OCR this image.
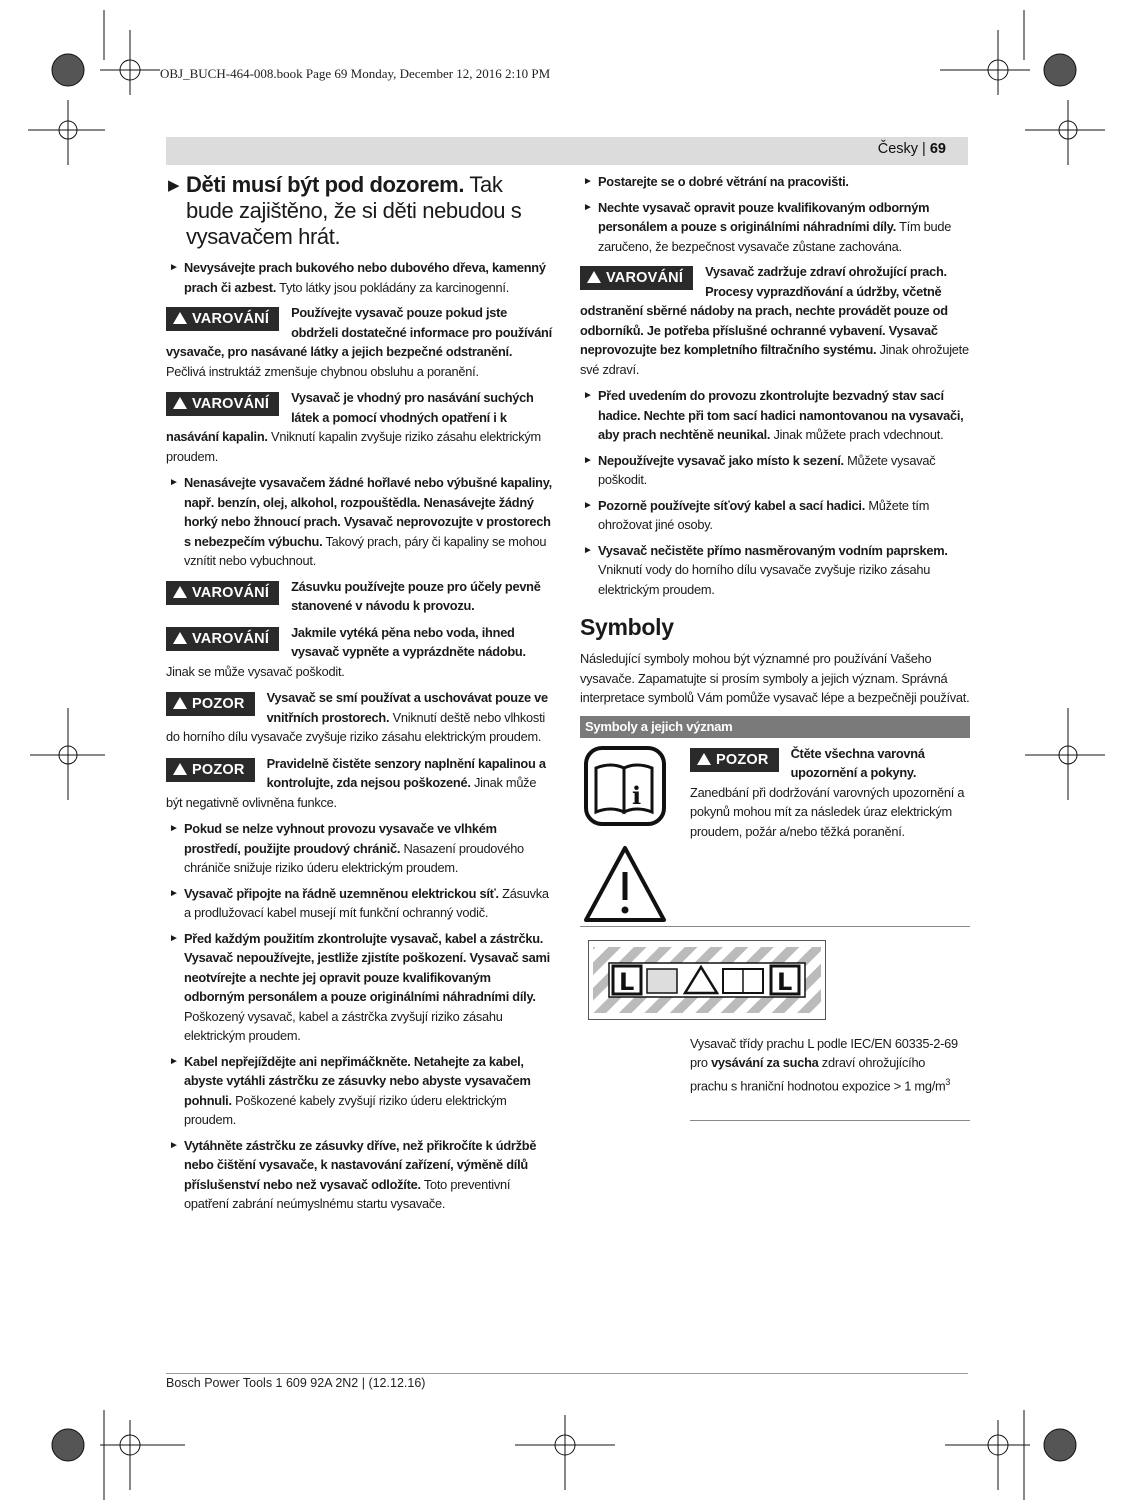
OBJ_BUCH-464-008.book Page 69 Monday, December 12, 2016 2:10 PM
Česky | 69
▶ Děti musí být pod dozorem. Tak bude zajištěno, že si děti nebudou s vysavačem hrát.
► Nevysávejte prach bukového nebo dubového dřeva, kamenný prach či azbest. Tyto látky jsou pokládány za karcinogenní.
VAROVÁNÍ	Používejte vysavač pouze pokud jste obdrželi dostatečné informace pro používání vysavače, pro nasávané látky a jejich bezpečné odstranění. Pečlivá instruktáž zmenšuje chybnou obsluhu a poranění.
VAROVÁNÍ	Vysavač je vhodný pro nasávání suchých látek a pomocí vhodných opatření i k nasávání kapalin. Vniknutí kapalin zvyšuje riziko zásahu elektrickým proudem.
► Nenasávejte vysavačem žádné hořlavé nebo výbušné kapaliny, např. benzín, olej, alkohol, rozpouštědla. Nenasávejte žádný horký nebo žhnoucí prach. Vysavač neprovozujte v prostorech s nebezpečím výbuchu. Takový prach, páry či kapaliny se mohou vznítit nebo vybuchnout.
VAROVÁNÍ	Zásuvku používejte pouze pro účely pevně stanovené v návodu k provozu.
VAROVÁNÍ	Jakmile vytéká pěna nebo voda, ihned vysavač vypněte a vyprázdněte nádobu. Jinak se může vysavač poškodit.
POZOR	Vysavač se smí používat a uschovávat pouze ve vnitřních prostorech. Vniknutí deště nebo vlhkosti do horního dílu vysavače zvyšuje riziko zásahu elektrickým proudem.
POZOR	Pravidelně čistěte senzory naplnění kapalinou a kontrolujte, zda nejsou poškozené. Jinak může být negativně ovlivněna funkce.
► Pokud se nelze vyhnout provozu vysavače ve vlhkém prostředí, použijte proudový chránič. Nasazení proudového chrániče snižuje riziko úderu elektrickým proudem.
► Vysavač připojte na řádně uzemněnou elektrickou síť. Zásuvka a prodlužovací kabel musejí mít funkční ochranný vodič.
► Před každým použitím zkontrolujte vysavač, kabel a zástrčku. Vysavač nepoužívejte, jestliže zjistíte poškození. Vysavač sami neotvírejte a nechte jej opravit pouze kvalifikovaným odborným personálem a pouze originálními náhradními díly. Poškozený vysavač, kabel a zástrčka zvyšují riziko zásahu elektrickým proudem.
► Kabel nepřejíždějte ani nepřimáčkněte. Netahejte za kabel, abyste vytáhli zástrčku ze zásuvky nebo abyste vysavačem pohnuli. Poškozené kabely zvyšují riziko úderu elektrickým proudem.
► Vytáhněte zástrčku ze zásuvky dříve, než přikročíte k údržbě nebo čištění vysavače, k nastavování zařízení, výměně dílů příslušenství nebo než vysavač odložíte. Toto preventivní opatření zabrání neúmyslnému startu vysavače.
► Postarejte se o dobré větrání na pracovišti.
► Nechte vysavač opravit pouze kvalifikovaným odborným personálem a pouze s originálními náhradními díly. Tím bude zaručeno, že bezpečnost vysavače zůstane zachována.
VAROVÁNÍ	Vysavač zadržuje zdraví ohrožující prach. Procesy vyprazdňování a údržby, včetně odstranění sběrné nádoby na prach, nechte provádět pouze od odborníků. Je potřeba příslušné ochranné vybavení. Vysavač neprovozujte bez kompletního filtračního systému. Jinak ohrožujete své zdraví.
► Před uvedením do provozu zkontrolujte bezvadný stav sací hadice. Nechte při tom sací hadici namontovanou na vysavači, aby prach nechtěně neunikal. Jinak můžete prach vdechnout.
► Nepoužívejte vysavač jako místo k sezení. Můžete vysavač poškodit.
► Pozorně používejte síťový kabel a sací hadici. Můžete tím ohrožovat jiné osoby.
► Vysavač nečistěte přímo nasměrovaným vodním paprskem. Vniknutí vody do horního dílu vysavače zvyšuje riziko zásahu elektrickým proudem.
Symboly

Následující symboly mohou být významné pro používání Vašeho vysavače. Zapamatujte si prosím symboly a jejich význam. Správná interpretace symbolů Vám pomůže vysavač lépe a bezpečněji používat.

Symboly a jejich význam
i
POZOR	Čtěte všechna varovná upozornění a pokyny. Zanedbání při dodržování varovných upozornění a pokynů mohou mít za následek úraz elektrickým proudem, požár a/nebo těžká poranění.
L	L
Vysavač třídy prachu L podle IEC/EN 60335-2-69 pro vysávání za sucha zdraví ohrožujícího prachu s hraniční hodnotou expozice > 1 $mg/m^3$
Bosch Power Tools 1 609 92A 2N2 | (12.12.16)
